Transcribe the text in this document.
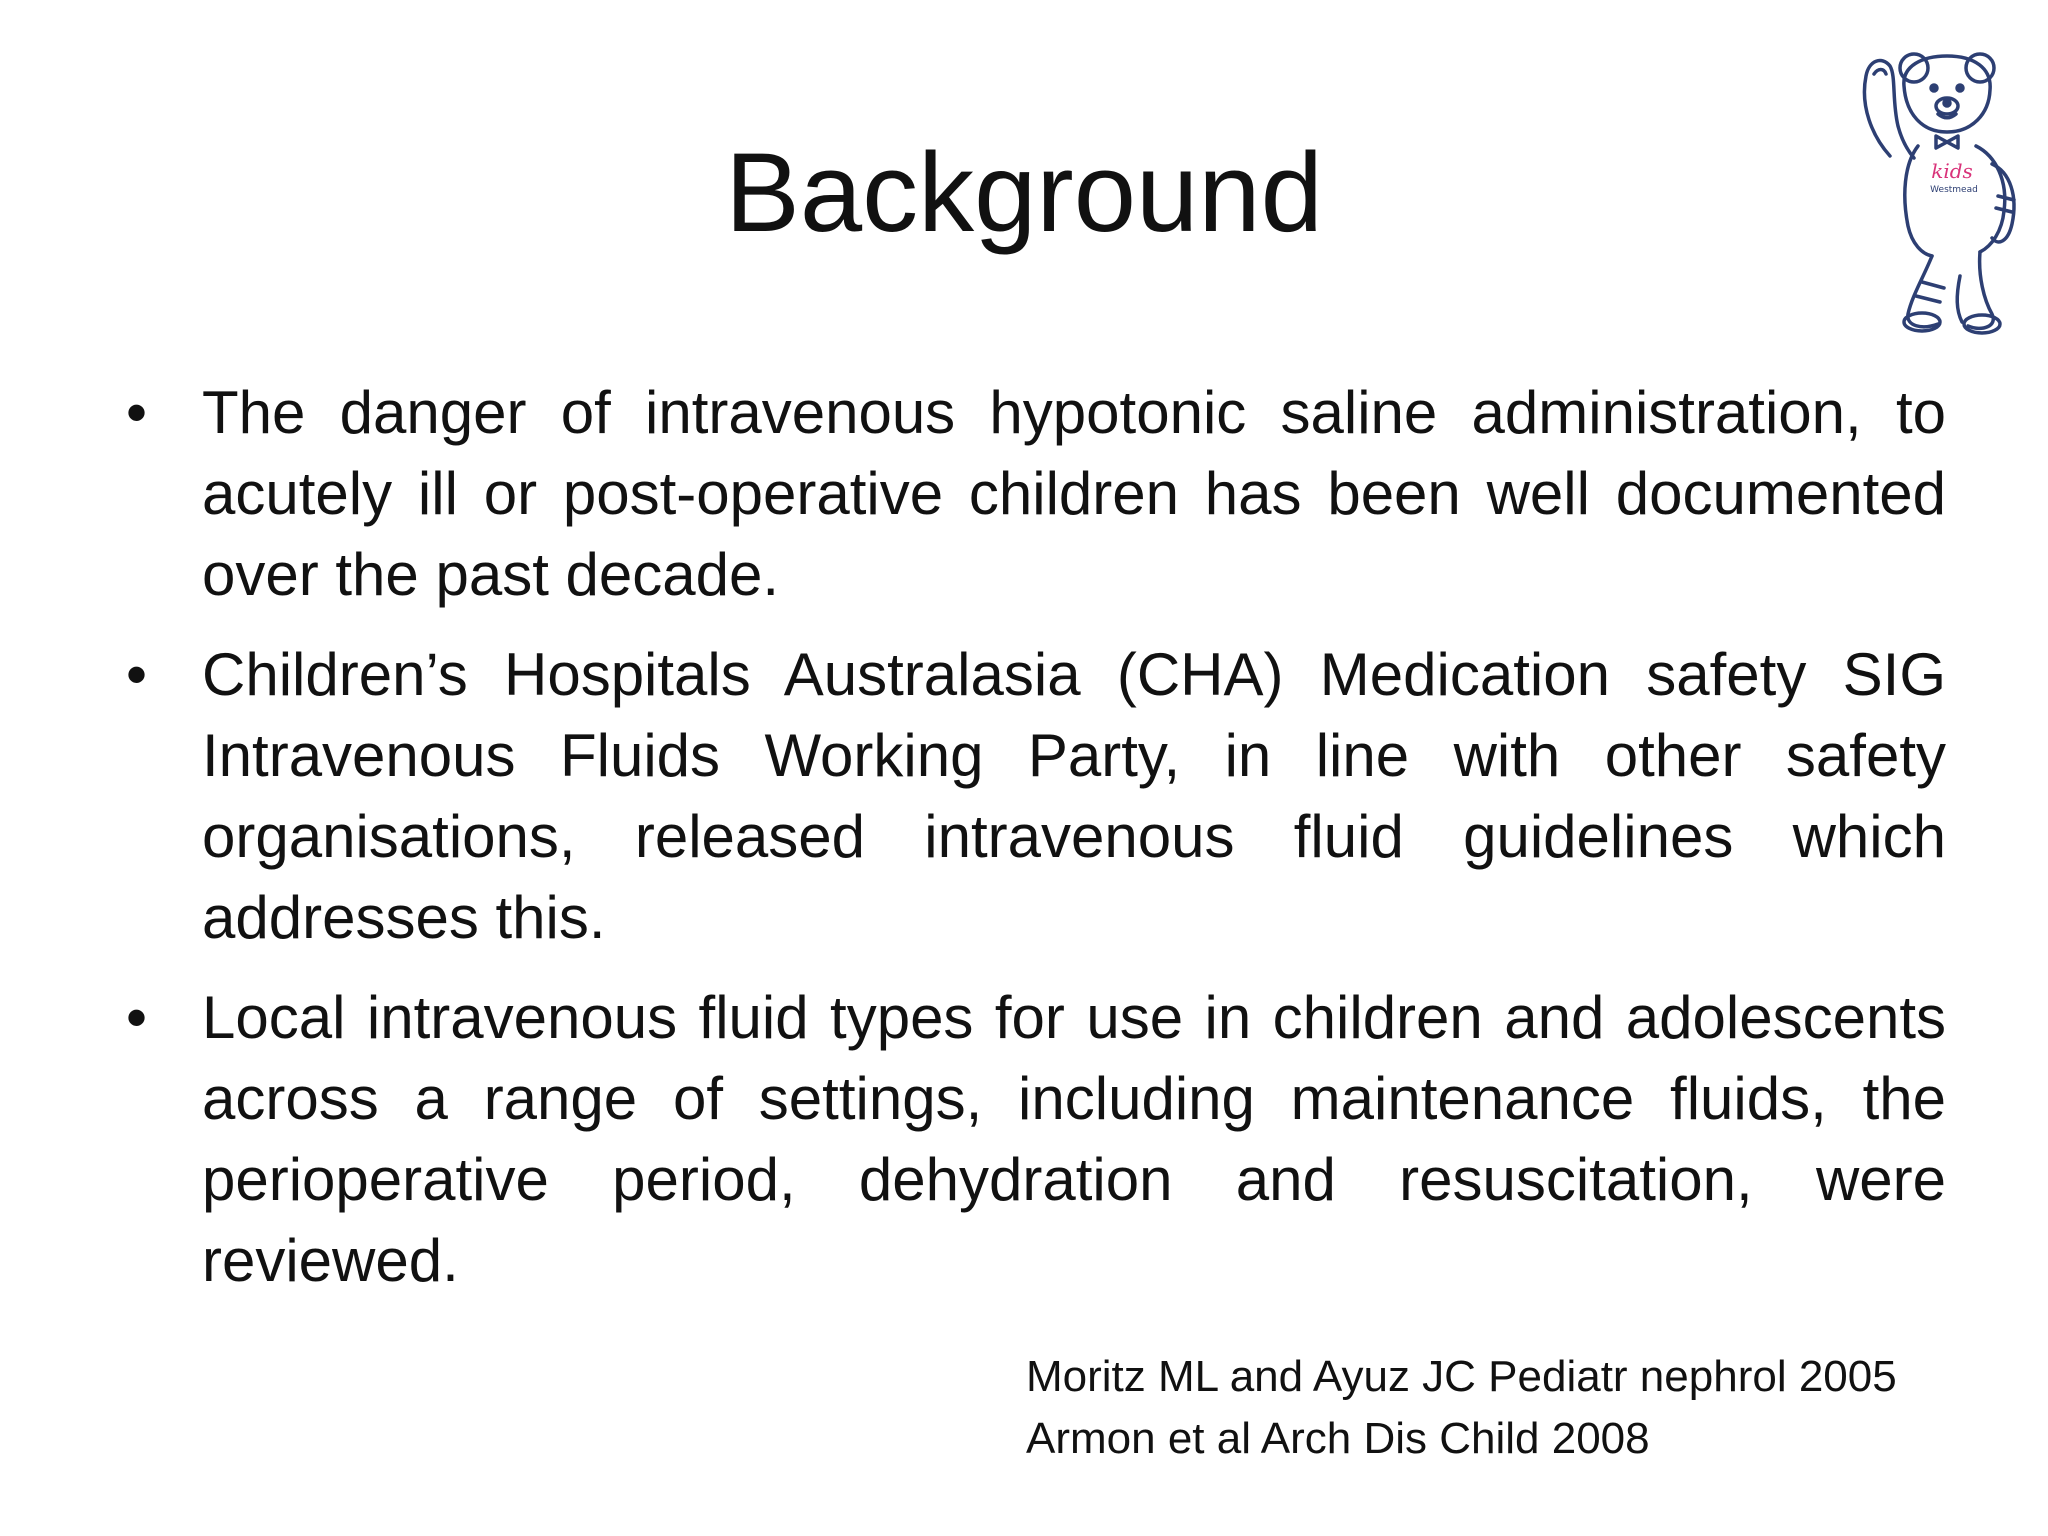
Background	kids
Westmead
• The danger of intravenous hypotonic saline administration, to acutely ill or post-operative children has been well documented over the past decade.
• Children’s Hospitals Australasia (CHA) Medication safety SIG Intravenous Fluids Working Party, in line with other safety organisations, released intravenous fluid guidelines which addresses this.
• Local intravenous fluid types for use in children and adolescents across a range of settings, including maintenance fluids, the perioperative period, dehydration and resuscitation, were reviewed.
Moritz ML and Ayuz JC Pediatr nephrol 2005
Armon et al Arch Dis Child 2008
